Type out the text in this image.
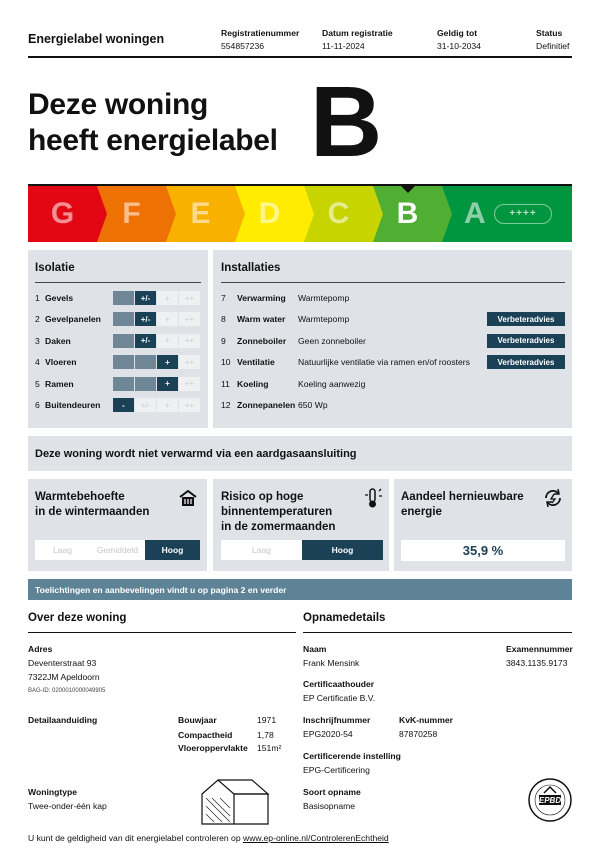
Energielabel woningen	Registratienummer
554857236
Datum registratie
11-11-2024
Geldig tot
31-10-2034
Status
Definitief
Deze woning
heeft energielabel B
G F E D C B A	++++
Isolatie
1 Gevels	+/-	+	++
2 Gevelpanelen	+/-	+	++
3 Daken	+/-	+	++
4 Vloeren	+	++
5 Ramen	+	++
6 Buitendeuren	-	+/-	+	++
Installaties
7	Verwarming	Warmtepomp
8	Warm water	Warmtepomp	Verbeteradvies
9	Zonneboiler	Geen zonneboiler	Verbeteradvies
10 Ventilatie	Natuurlijke ventilatie via ramen en/of roosters	Verbeteradvies
11 Koeling	Koeling aanwezig
12 Zonnepanelen 650 Wp
Deze woning wordt niet verwarmd via een aardgasaansluiting
Warmtebehoefte
in de wintermaanden
Laag	Gemiddeld	Hoog
Risico op hoge
binnentemperaturen
in de zomermaanden
Laag	Hoog
Aandeel hernieuwbare
energie
35,9 %
Toelichtingen en aanbevelingen vindt u op pagina 2 en verder
Over deze woning
Adres
Deventerstraat 93
7322JM Apeldoorn
BAG-ID: 0200010000049905
Detailaanduiding	Bouwjaar	1971
Compactheid	1,78
Vloeroppervlakte 151m²
Woningtype
Twee-onder-één kap
Opnamedetails
Naam
Frank Mensink
Examennummer
3843.1135.9173
Certificaathouder
EP Certificatie B.V.
Inschrijfnummer
EPG2020-54
KvK-nummer
87870258
Certificerende instelling
EPG-Certificering
Soort opname
Basisopname
EPBD
U kunt de geldigheid van dit energielabel controleren op www.ep-online.nl/ControlerenEchtheid
